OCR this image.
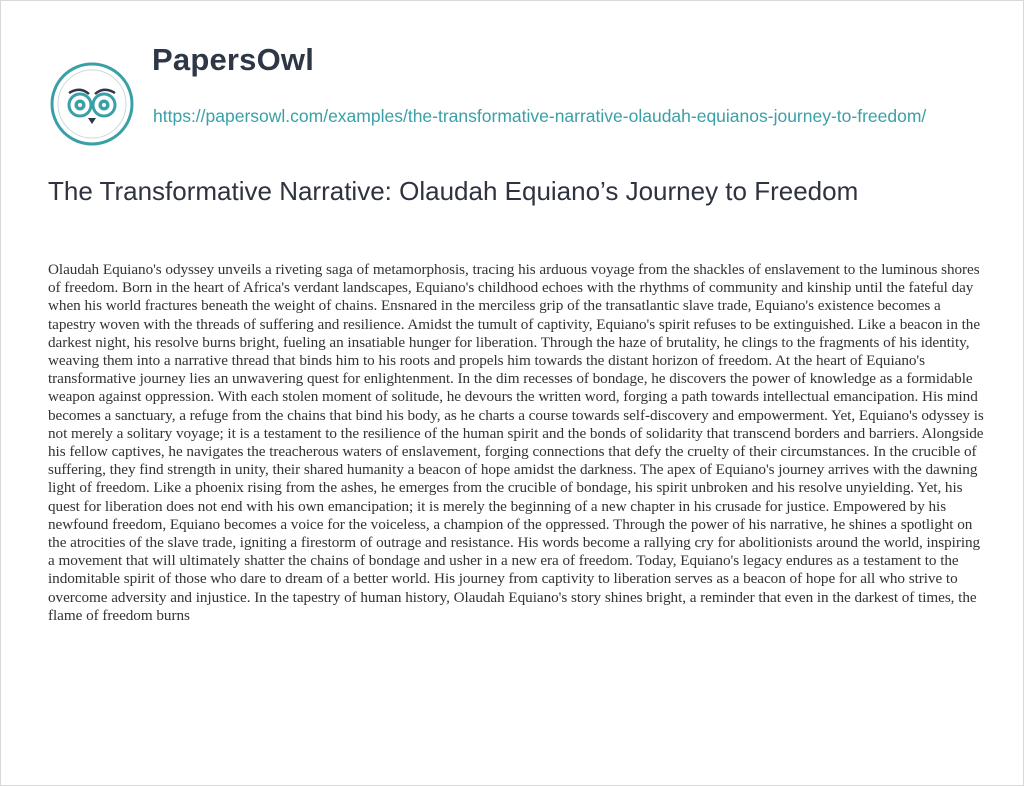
PapersOwl
https://papersowl.com/examples/the-transformative-narrative-olaudah-equianos-journey-to-freedom/
The Transformative Narrative: Olaudah Equiano’s Journey to Freedom

Olaudah Equiano's odyssey unveils a riveting saga of metamorphosis, tracing his arduous voyage from the shackles of enslavement to the luminous shores of freedom. Born in the heart of Africa's verdant landscapes, Equiano's childhood echoes with the rhythms of community and kinship until the fateful day when his world fractures beneath the weight of chains. Ensnared in the merciless grip of the transatlantic slave trade, Equiano's existence becomes a tapestry woven with the threads of suffering and resilience. Amidst the tumult of captivity, Equiano's spirit refuses to be extinguished. Like a beacon in the darkest night, his resolve burns bright, fueling an insatiable hunger for liberation. Through the haze of brutality, he clings to the fragments of his identity, weaving them into a narrative thread that binds him to his roots and propels him towards the distant horizon of freedom. At the heart of Equiano's transformative journey lies an unwavering quest for enlightenment. In the dim recesses of bondage, he discovers the power of knowledge as a formidable weapon against oppression. With each stolen moment of solitude, he devours the written word, forging a path towards intellectual emancipation. His mind becomes a sanctuary, a refuge from the chains that bind his body, as he charts a course towards self-discovery and empowerment. Yet, Equiano's odyssey is not merely a solitary voyage; it is a testament to the resilience of the human spirit and the bonds of solidarity that transcend borders and barriers. Alongside his fellow captives, he navigates the treacherous waters of enslavement, forging connections that defy the cruelty of their circumstances. In the crucible of suffering, they find strength in unity, their shared humanity a beacon of hope amidst the darkness. The apex of Equiano's journey arrives with the dawning light of freedom. Like a phoenix rising from the ashes, he emerges from the crucible of bondage, his spirit unbroken and his resolve unyielding. Yet, his quest for liberation does not end with his own emancipation; it is merely the beginning of a new chapter in his crusade for justice. Empowered by his newfound freedom, Equiano becomes a voice for the voiceless, a champion of the oppressed. Through the power of his narrative, he shines a spotlight on the atrocities of the slave trade, igniting a firestorm of outrage and resistance. His words become a rallying cry for abolitionists around the world, inspiring a movement that will ultimately shatter the chains of bondage and usher in a new era of freedom. Today, Equiano's legacy endures as a testament to the indomitable spirit of those who dare to dream of a better world. His journey from captivity to liberation serves as a beacon of hope for all who strive to overcome adversity and injustice. In the tapestry of human history, Olaudah Equiano's story shines bright, a reminder that even in the darkest of times, the flame of freedom burns
